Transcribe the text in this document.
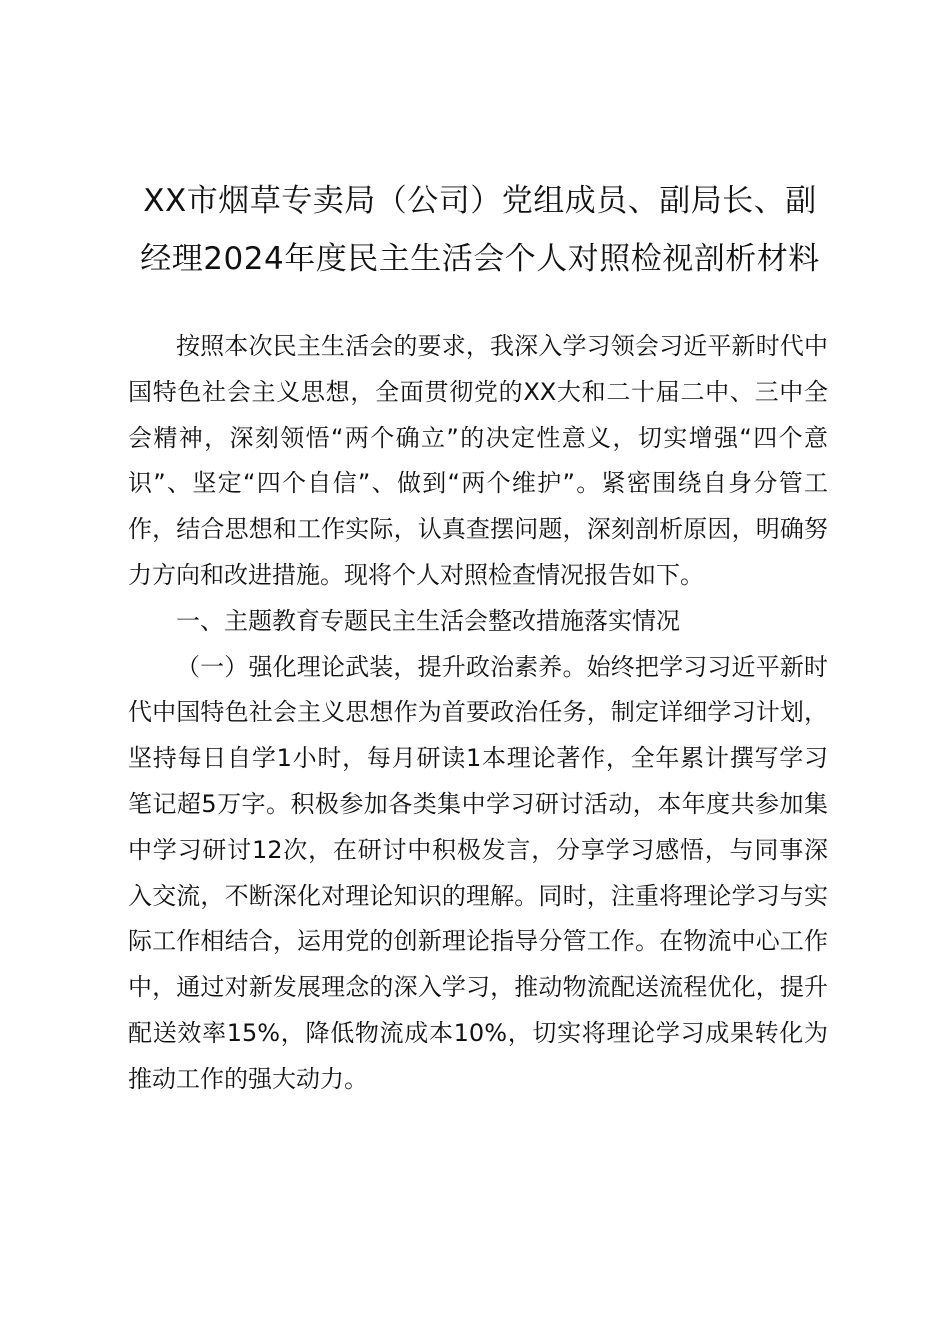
XX市烟草专卖局（公司）党组成员、副局长、副经理2024年度民主生活会个人对照检视剖析材料

按照本次民主生活会的要求，我深入学习领会习近平新时代中国特色社会主义思想，全面贯彻党的XX大和二十届二中、三中全会精神，深刻领悟“两个确立”的决定性意义，切实增强“四个意识”、坚定“四个自信”、做到“两个维护”。紧密围绕自身分管工作，结合思想和工作实际，认真查摆问题，深刻剖析原因，明确努力方向和改进措施。现将个人对照检查情况报告如下。

一、主题教育专题民主生活会整改措施落实情况

（一）强化理论武装，提升政治素养。始终把学习习近平新时代中国特色社会主义思想作为首要政治任务，制定详细学习计划，坚持每日自学1小时，每月研读1本理论著作，全年累计撰写学习笔记超5万字。积极参加各类集中学习研讨活动，本年度共参加集中学习研讨12次，在研讨中积极发言，分享学习感悟，与同事深入交流，不断深化对理论知识的理解。同时，注重将理论学习与实际工作相结合，运用党的创新理论指导分管工作。在物流中心工作中，通过对新发展理念的深入学习，推动物流配送流程优化，提升配送效率15%，降低物流成本10%，切实将理论学习成果转化为推动工作的强大动力。
